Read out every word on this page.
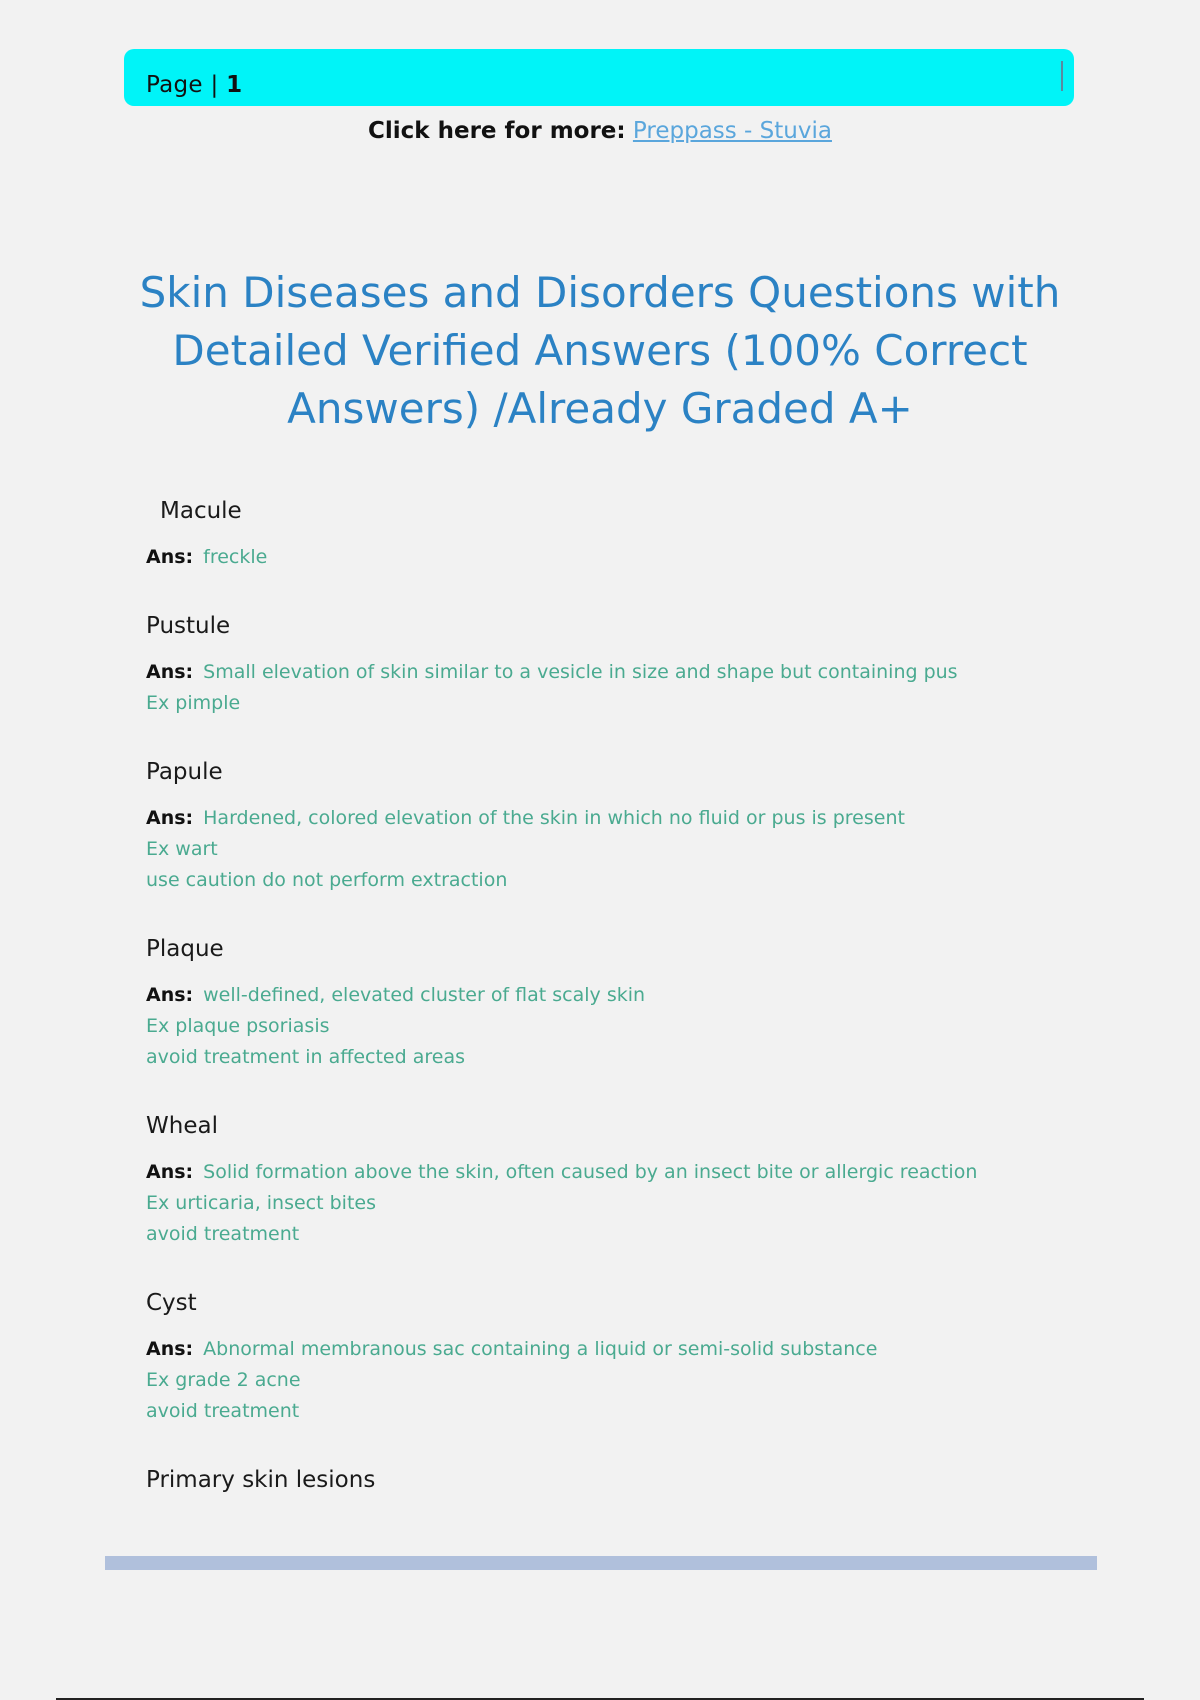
Page | 1
Click here for more: Preppass - Stuvia
Skin Diseases and Disorders Questions with Detailed Verified Answers (100% Correct Answers) /Already Graded A+
Macule
Ans: freckle
Pustule
Ans: Small elevation of skin similar to a vesicle in size and shape but containing pus
Ex pimple
Papule
Ans: Hardened, colored elevation of the skin in which no fluid or pus is present
Ex wart
use caution do not perform extraction
Plaque
Ans: well-defined, elevated cluster of flat scaly skin
Ex plaque psoriasis
avoid treatment in affected areas
Wheal
Ans: Solid formation above the skin, often caused by an insect bite or allergic reaction
Ex urticaria, insect bites
avoid treatment
Cyst
Ans: Abnormal membranous sac containing a liquid or semi-solid substance
Ex grade 2 acne
avoid treatment
Primary skin lesions
